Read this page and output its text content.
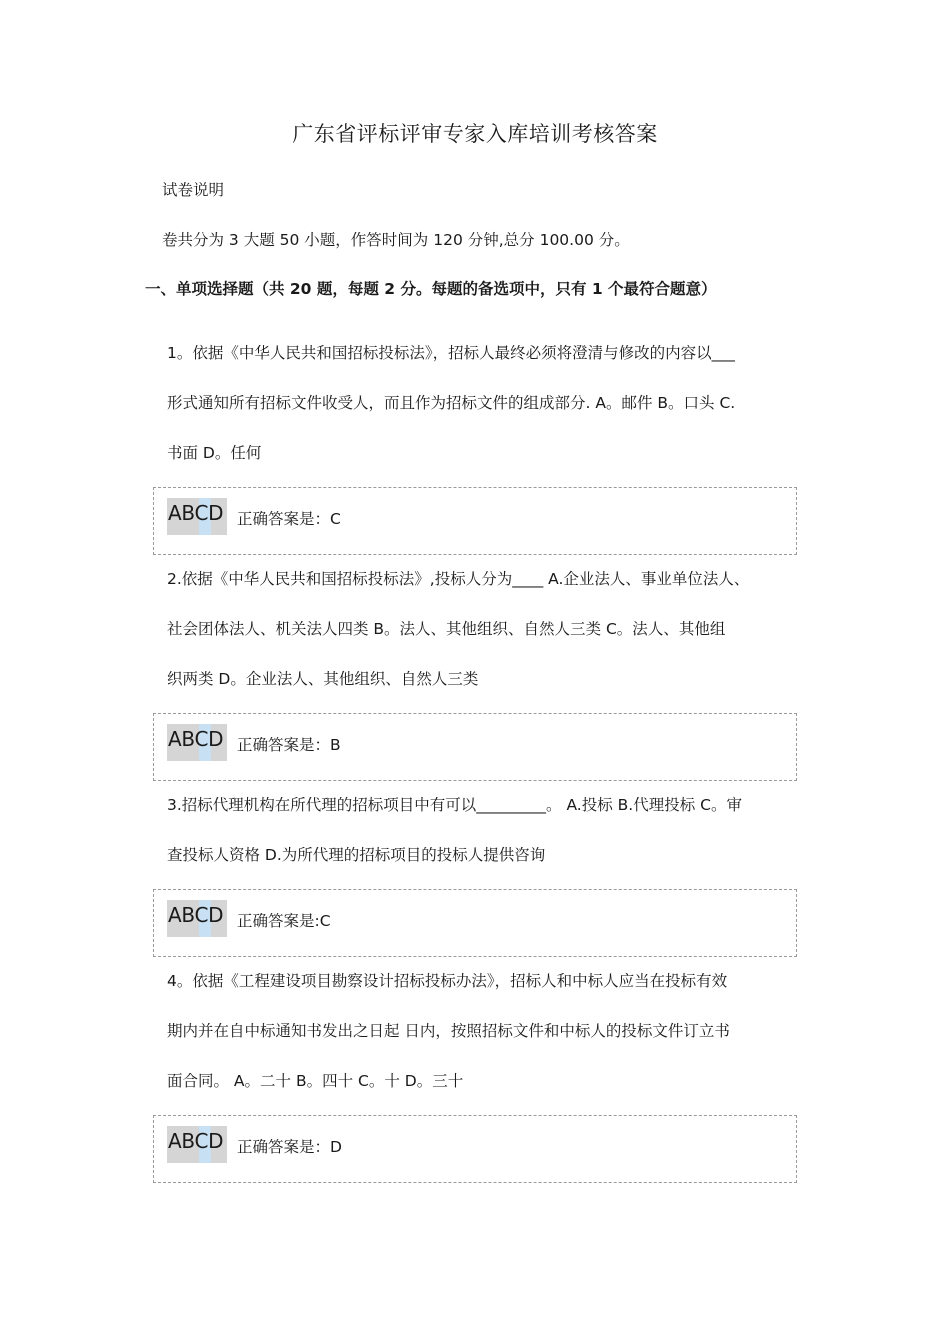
广东省评标评审专家入库培训考核答案
试卷说明
卷共分为 3 大题 50 小题，作答时间为 120 分钟,总分 100.00 分。
一、单项选择题（共 20 题，每题 2 分。每题的备选项中，只有 1 个最符合题意）
1。依据《中华人民共和国招标投标法》，招标人最终必须将澄清与修改的内容以___
形式通知所有招标文件收受人，而且作为招标文件的组成部分. A。邮件 B。口头 C.
书面 D。任何
ABCD 正确答案是：C
2.依据《中华人民共和国招标投标法》,投标人分为____ A.企业法人、事业单位法人、
社会团体法人、机关法人四类 B。法人、其他组织、自然人三类 C。法人、其他组
织两类 D。企业法人、其他组织、自然人三类
ABCD 正确答案是：B
3.招标代理机构在所代理的招标项目中有可以_________。 A.投标 B.代理投标 C。审
查投标人资格 D.为所代理的招标项目的投标人提供咨询
ABCD 正确答案是:C
4。依据《工程建设项目勘察设计招标投标办法》，招标人和中标人应当在投标有效
期内并在自中标通知书发出之日起 日内，按照招标文件和中标人的投标文件订立书
面合同。 A。二十 B。四十 C。十 D。三十
ABCD 正确答案是：D
